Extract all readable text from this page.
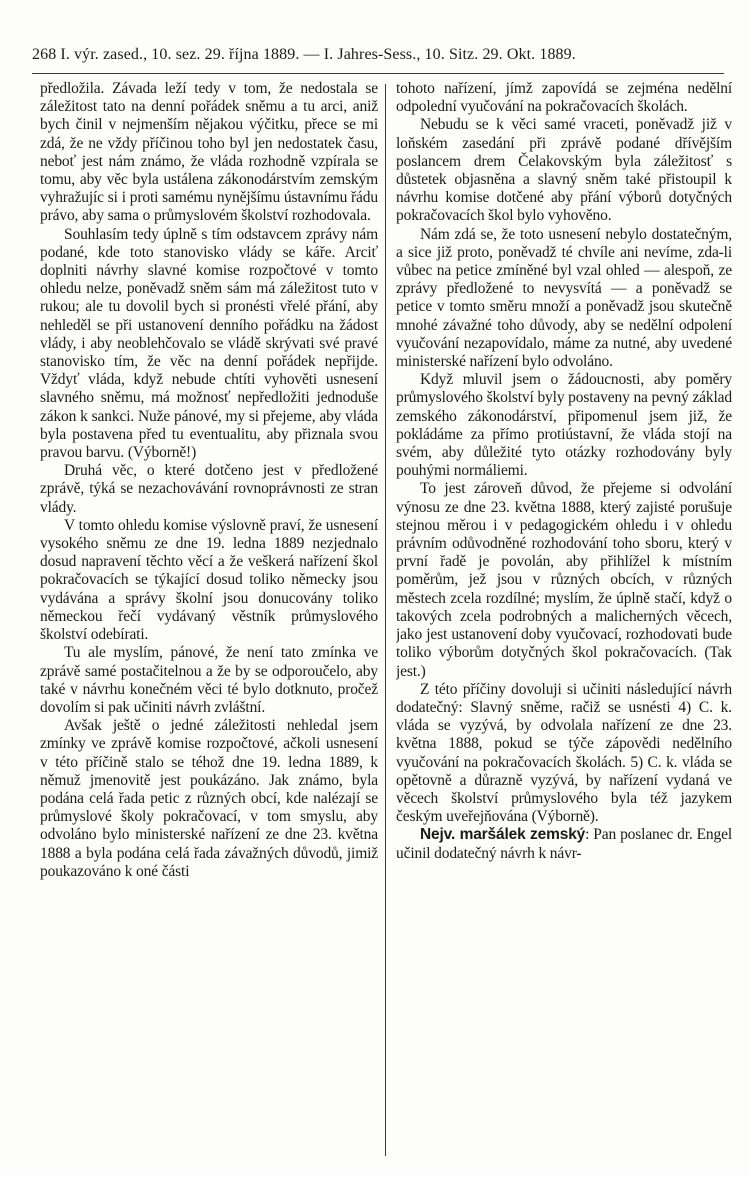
268 I. výr. zased., 10. sez. 29. října 1889. — I. Jahres-Sess., 10. Sitz. 29. Okt. 1889.

předložila. Závada leží tedy v tom, že nedostala se záležitost tato na denní pořádek sněmu a tu arci, aniž bych činil v nejmenším nějakou výčitku, přece se mi zdá, že ne vždy příčinou toho byl jen nedostatek času, neboť jest nám známo, že vláda rozhodně vzpírala se tomu, aby věc byla ustálena zákonodárstvím zemským vyhražujíc si i proti samému nynějšímu ústavnímu řádu právo, aby sama o průmyslovém školství rozhodovala.

Souhlasím tedy úplně s tím odstavcem zprávy nám podané, kde toto stanovisko vlády se káře. Arciť doplniti návrhy slavné komise rozpočtové v tomto ohledu nelze, poněvadž sněm sám má záležitost tuto v rukou; ale tu dovolil bych si pronésti vřelé přání, aby nehleděl se při ustanovení denního pořádku na žádost vlády, i aby neoblehčovalo se vládě skrývati své pravé stanovisko tím, že věc na denní pořádek nepřijde. Vždyť vláda, když nebude chtíti vyhověti usnesení slavného sněmu, má možnosť nepředložiti jednoduše zákon k sankci. Nuže pánové, my si přejeme, aby vláda byla postavena před tu eventualitu, aby přiznala svou pravou barvu. (Výborně!)

Druhá věc, o které dotčeno jest v předložené zprávě, týká se nezachovávání rovnoprávnosti ze stran vlády.

V tomto ohledu komise výslovně praví, že usnesení vysokého sněmu ze dne 19. ledna 1889 nezjednalo dosud napravení těchto věcí a že veškerá nařízení škol pokračovacích se týkající dosud toliko německy jsou vydávána a správy školní jsou donucovány toliko německou řečí vydávaný věstník průmyslového školství odebírati.

Tu ale myslím, pánové, že není tato zmínka ve zprávě samé postačitelnou a že by se odporoučelo, aby také v návrhu konečném věci té bylo dotknuto, pročež dovolím si pak učiniti návrh zvláštní.

Avšak ještě o jedné záležitosti nehledal jsem zmínky ve zprávě komise rozpočtové, ačkoli usnesení v této příčině stalo se téhož dne 19. ledna 1889, k němuž jmenovitě jest poukázáno. Jak známo, byla podána celá řada petic z různých obcí, kde nalézají se průmyslové školy pokračovací, v tom smyslu, aby odvoláno bylo ministerské nařízení ze dne 23. května 1888 a byla podána celá řada závažných důvodů, jimiž poukazováno k oné části

tohoto nařízení, jímž zapovídá se zejména nedělní odpolední vyučování na pokračovacích školách.

Nebudu se k věci samé vraceti, poněvadž již v loňském zasedání při zprávě podané dřívějším poslancem drem Čelakovským byla záležitosť s důstetek objasněna a slavný sněm také přistoupil k návrhu komise dotčené aby přání výborů dotyčných pokračovacích škol bylo vyhověno.

Nám zdá se, že toto usnesení nebylo dostatečným, a sice již proto, poněvadž té chvíle ani nevíme, zda-li vůbec na petice zmíněné byl vzal ohled — alespoň, ze zprávy předložené to nevysvítá — a poněvadž se petice v tomto směru množí a poněvadž jsou skutečně mnohé závažné toho důvody, aby se nedělní odpolení vyučování nezapovídalo, máme za nutné, aby uvedené ministerské nařízení bylo odvoláno.

Když mluvil jsem o žádoucnosti, aby poměry průmyslového školství byly postaveny na pevný základ zemského zákonodárství, připomenul jsem již, že pokládáme za přímo protiústavní, že vláda stojí na svém, aby důležité tyto otázky rozhodovány byly pouhými normáliemi.

To jest zároveň důvod, že přejeme si odvolání výnosu ze dne 23. května 1888, který zajisté porušuje stejnou měrou i v pedagogickém ohledu i v ohledu právním odůvodněné rozhodování toho sboru, který v první řadě je povolán, aby přihlížel k místním poměrům, jež jsou v různých obcích, v různých městech zcela rozdílné; myslím, že úplně stačí, když o takových zcela podrobných a malicherných věcech, jako jest ustanovení doby vyučovací, rozhodovati bude toliko výborům dotyčných škol pokračovacích. (Tak jest.)

Z této příčiny dovoluji si učiniti následující návrh dodatečný: Slavný sněme, račiž se usnésti 4) C. k. vláda se vyzývá, by odvolala nařízení ze dne 23. května 1888, pokud se týče zápovědi nedělního vyučování na pokračovacích školách. 5) C. k. vláda se opětovně a důrazně vyzývá, by nařízení vydaná ve věcech školství průmyslového byla též jazykem českým uveřejňována (Výborně).

Nejv. maršálek zemský: Pan poslanec dr. Engel učinil dodatečný návrh k návr-
